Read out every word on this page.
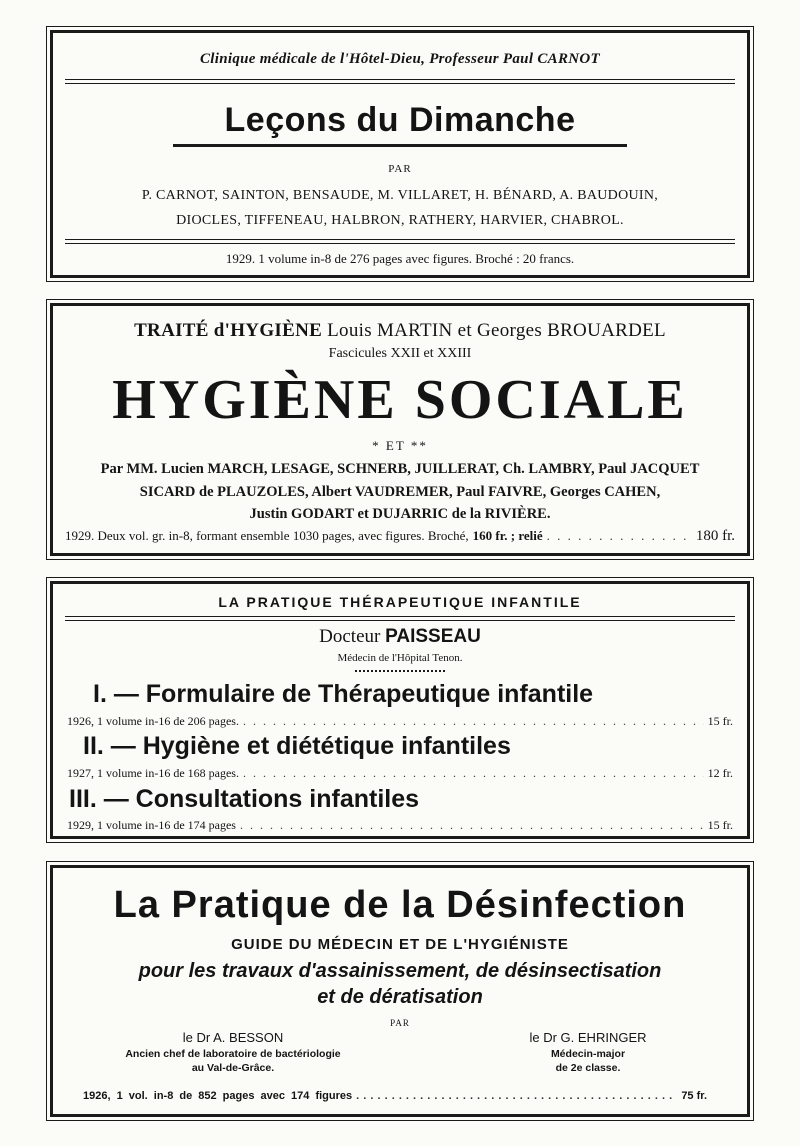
Clinique médicale de l'Hôtel-Dieu, Professeur Paul CARNOT
Leçons du Dimanche
PAR
P. CARNOT, SAINTON, BENSAUDE, M. VILLARET, H. BÉNARD, A. BAUDOUIN,
DIOCLES, TIFFENEAU, HALBRON, RATHERY, HARVIER, CHABROL.
1929. 1 volume in-8 de 276 pages avec figures. Broché : 20 francs.
TRAITÉ d'HYGIÈNE Louis MARTIN et Georges BROUARDEL
Fascicules XXII et XXIII
HYGIÈNE SOCIALE
* ET **
Par MM. Lucien MARCH, LESAGE, SCHNERB, JUILLERAT, Ch. LAMBRY, Paul JACQUET
SICARD de PLAUZOLES, Albert VAUDREMER, Paul FAIVRE, Georges CAHEN,
Justin GODART et DUJARRIC de la RIVIÈRE.
1929. Deux vol. gr. in-8, formant ensemble 1030 pages, avec figures. Broché, 160 fr. ; relié . . .	180 fr.
LA PRATIQUE THÉRAPEUTIQUE INFANTILE
Docteur PAISSEAU
Médecin de l'Hôpital Tenon.
I. — Formulaire de Thérapeutique infantile
1926, 1 volume in-16 de 206 pages. . . .	15 fr.
II. — Hygiène et diététique infantiles
1927, 1 volume in-16 de 168 pages. . . .	12 fr.
III. — Consultations infantiles
1929, 1 volume in-16 de 174 pages . . .	15 fr.
La Pratique de la Désinfection
GUIDE DU MÉDECIN ET DE L'HYGIÉNISTE
pour les travaux d'assainissement, de désinsectisation
et de dératisation
PAR
le Dr A. BESSON
Ancien chef de laboratoire de bactériologie
au Val-de-Grâce.
le Dr G. EHRINGER
Médecin-major
de 2e classe.
1926, 1 vol. in-8 de 852 pages avec 174 figures . . .	75 fr.
